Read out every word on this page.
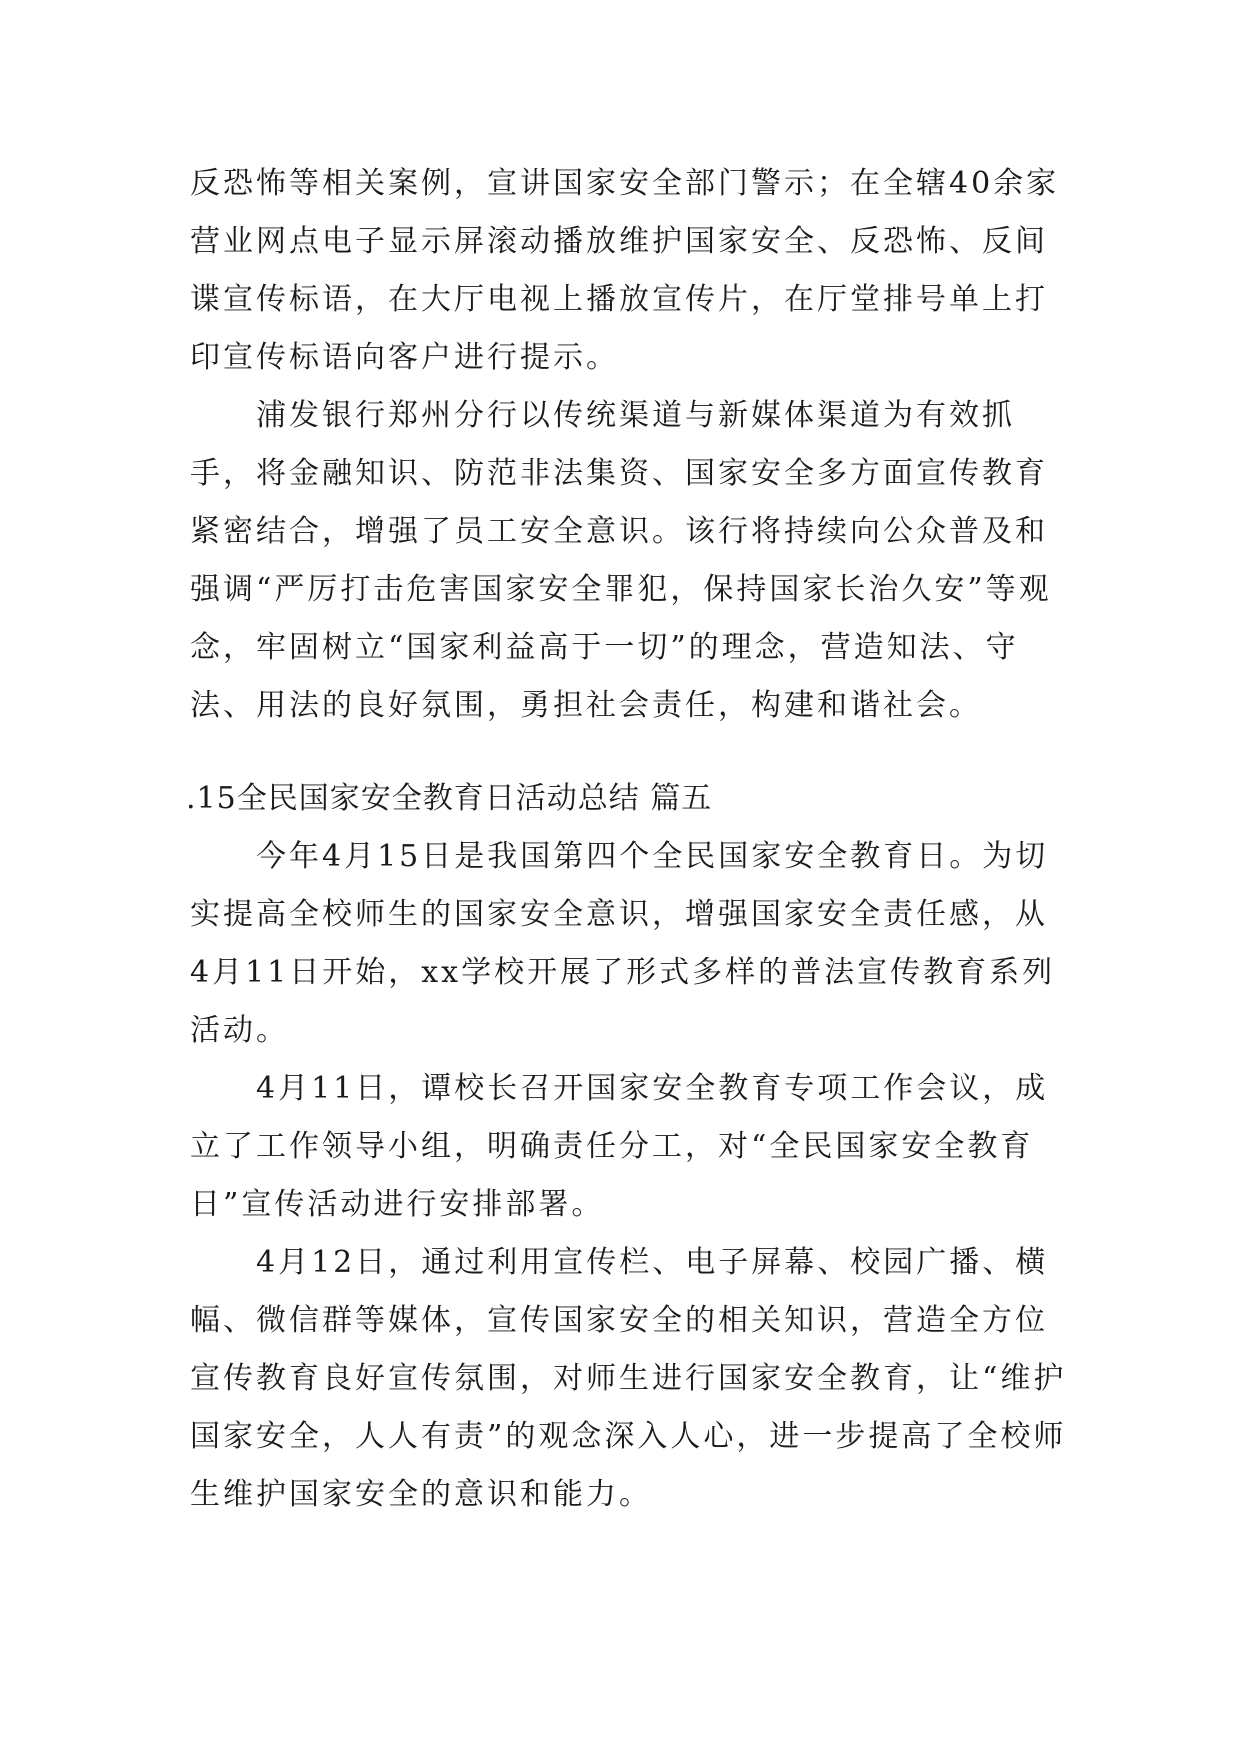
反恐怖等相关案例，宣讲国家安全部门警示；在全辖40余家营业网点电子显示屏滚动播放维护国家安全、反恐怖、反间谍宣传标语，在大厅电视上播放宣传片，在厅堂排号单上打印宣传标语向客户进行提示。

浦发银行郑州分行以传统渠道与新媒体渠道为有效抓手，将金融知识、防范非法集资、国家安全多方面宣传教育紧密结合，增强了员工安全意识。该行将持续向公众普及和强调“严厉打击危害国家安全罪犯，保持国家长治久安”等观念，牢固树立“国家利益高于一切”的理念，营造知法、守法、用法的良好氛围，勇担社会责任，构建和谐社会。

.15全民国家安全教育日活动总结 篇五

今年4月15日是我国第四个全民国家安全教育日。为切实提高全校师生的国家安全意识，增强国家安全责任感，从4月11日开始，xx学校开展了形式多样的普法宣传教育系列活动。

4月11日，谭校长召开国家安全教育专项工作会议，成立了工作领导小组，明确责任分工，对“全民国家安全教育日”宣传活动进行安排部署。

4月12日，通过利用宣传栏、电子屏幕、校园广播、横幅、微信群等媒体，宣传国家安全的相关知识，营造全方位宣传教育良好宣传氛围，对师生进行国家安全教育，让“维护国家安全，人人有责”的观念深入人心，进一步提高了全校师生维护国家安全的意识和能力。
